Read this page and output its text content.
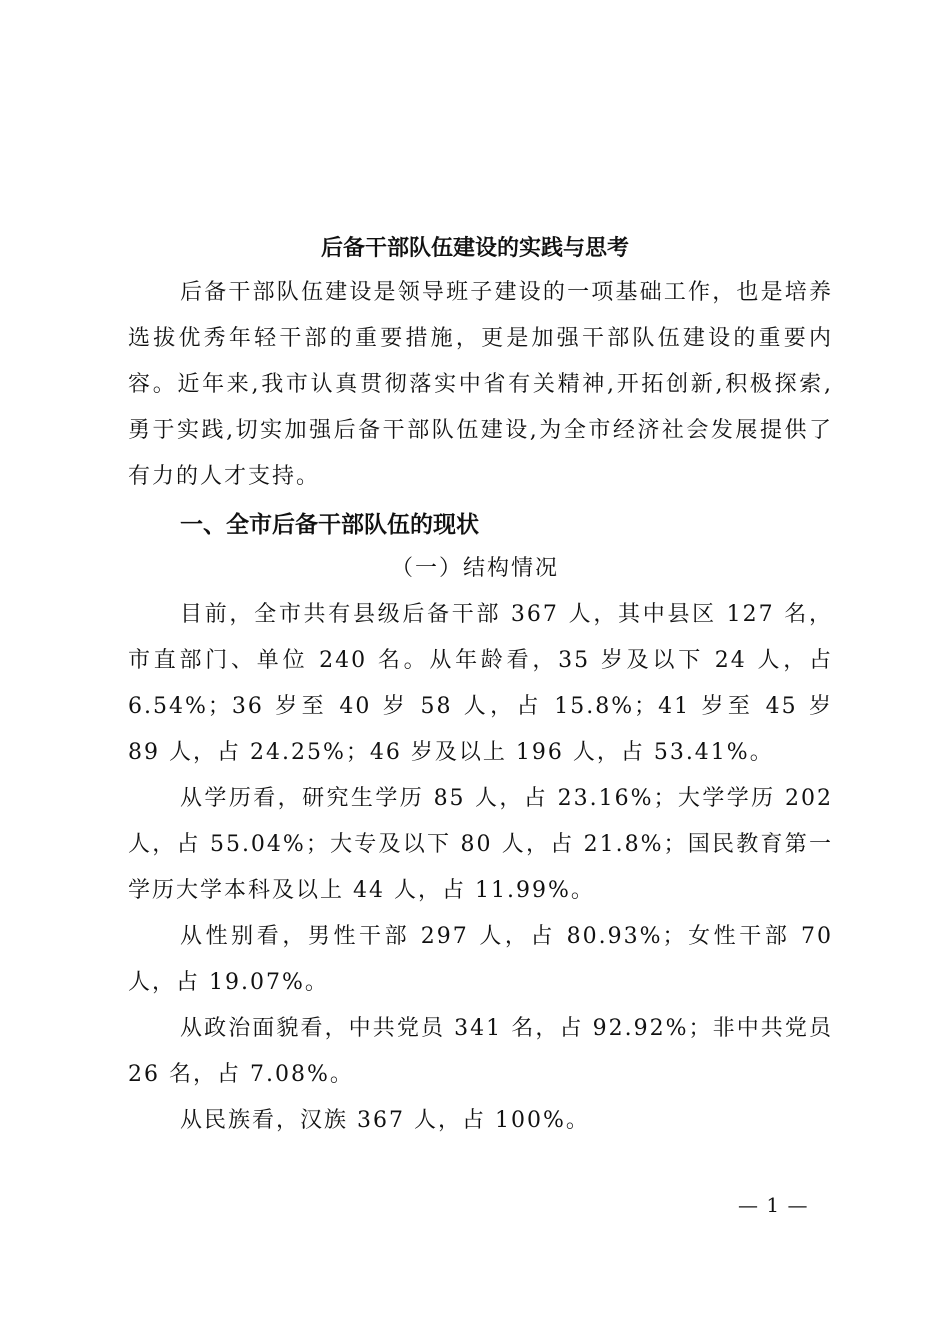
后备干部队伍建设的实践与思考

后备干部队伍建设是领导班子建设的一项基础工作，也是培养选拔优秀年轻干部的重要措施，更是加强干部队伍建设的重要内容。近年来,我市认真贯彻落实中省有关精神,开拓创新,积极探索,勇于实践,切实加强后备干部队伍建设,为全市经济社会发展提供了有力的人才支持。

一、全市后备干部队伍的现状
（一）结构情况

目前，全市共有县级后备干部 367 人，其中县区 127 名，市直部门、单位 240 名。从年龄看，35 岁及以下 24 人，占 6.54%；36 岁至 40 岁 58 人，占 15.8%；41 岁至 45 岁 89 人，占 24.25%；46 岁及以上 196 人，占 53.41%。

从学历看，研究生学历 85 人，占 23.16%；大学学历 202 人，占 55.04%；大专及以下 80 人，占 21.8%；国民教育第一学历大学本科及以上 44 人，占 11.99%。

从性别看，男性干部 297 人，占 80.93%；女性干部 70 人，占 19.07%。

从政治面貌看，中共党员 341 名，占 92.92%；非中共党员 26 名，占 7.08%。

从民族看，汉族 367 人，占 100%。

— 1 —
